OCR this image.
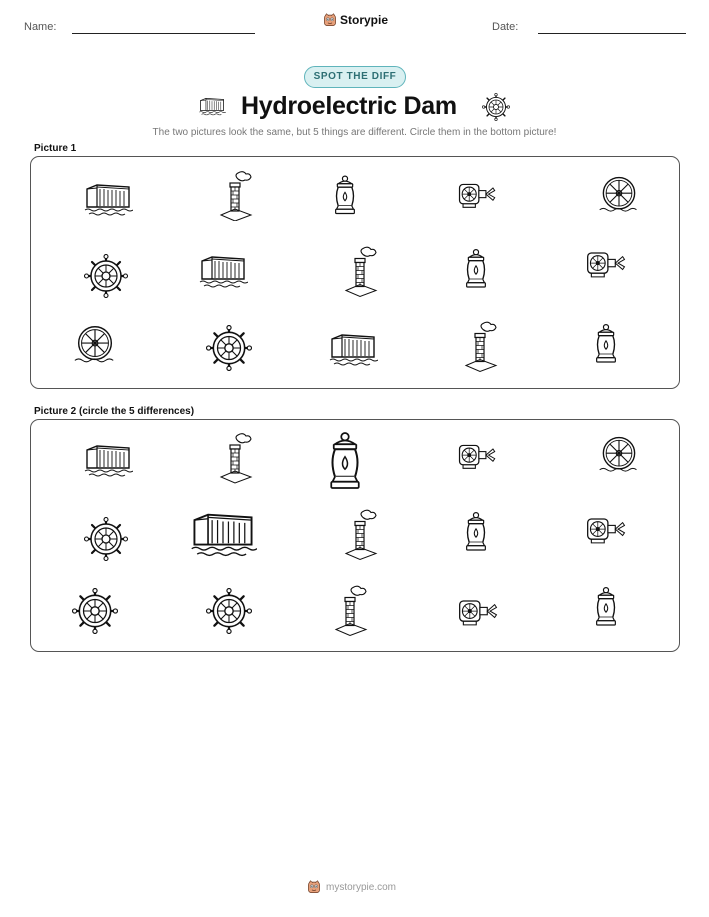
Name:	Storypie	Date:
SPOT THE DIFF
Hydroelectric Dam
The two pictures look the same, but 5 things are different. Circle them in the bottom picture!
Picture 1
Picture 2 (circle the 5 differences)
mystorypie.com
